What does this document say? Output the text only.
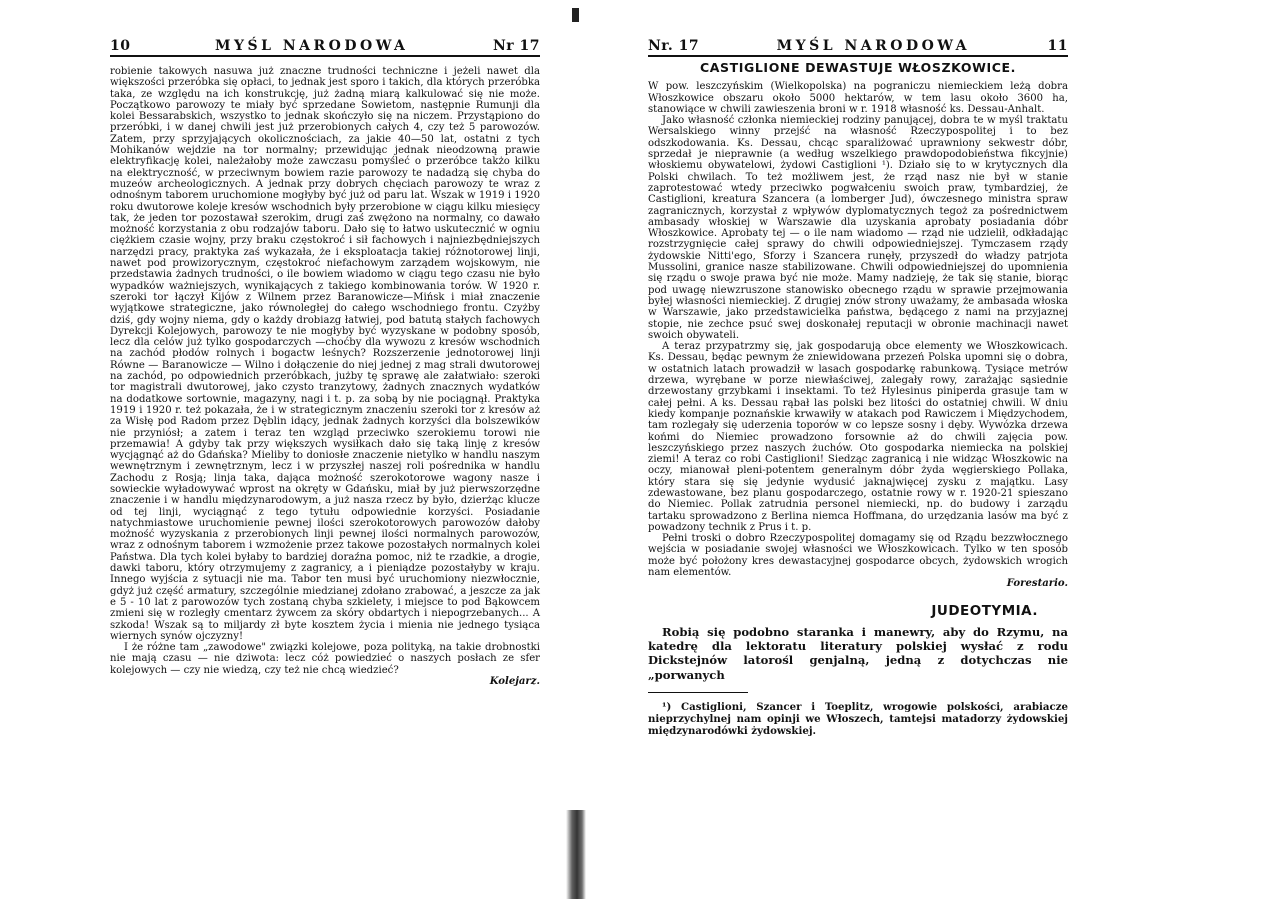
10	MYŚL NARODOWA	Nr 17

robienie takowych nasuwa już znaczne trudności techniczne i jeżeli nawet dla większości przeróbka się opłaci, to jednak jest sporo i takich, dla których przeróbka taka, ze względu na ich konstrukcję, już żadną miarą kalkulować się nie może. Początkowo parowozy te miały być sprzedane Sowietom, następnie Rumunji dla kolei Bessarabskich, wszystko to jednak skończyło się na niczem. Przystąpiono do przeróbki, i w danej chwili jest już przerobionych całych 4, czy też 5 parowozów. Zatem, przy sprzyjających okolicznościach, za jakie 40—50 lat, ostatni z tych Mohikanów wejdzie na tor normalny; przewidując jednak nieodzowną prawie elektryfikację kolei, należałoby może zawczasu pomyśleć o przeróbce takżo kilku na elektryczność, w przeciwnym bowiem razie parowozy te nadadzą się chyba do muzeów archeologicznych. A jednak przy dobrych chęciach parowozy te wraz z odnośnym taborem uruchomione mogłyby być już od paru lat. Wszak w 1919 i 1920 roku dwutorowe koleje kresów wschodnich były przerobione w ciągu kilku miesięcy tak, że jeden tor pozostawał szerokim, drugi zaś zwężono na normalny, co dawało możność korzystania z obu rodzajów taboru. Dało się to łatwo uskutecznić w ogniu ciężkiem czasie wojny, przy braku częstokroć i sił fachowych i najniezbędniejszych narzędzi pracy, praktyka zaś wykazała, że i eksploatacja takiej różnotorowej linji, nawet pod prowizorycznym, częstokroć niefachowym zarządem wojskowym, nie przedstawia żadnych trudności, o ile bowiem wiadomo w ciągu tego czasu nie było wypadków ważniejszych, wynikających z takiego kombinowania torów. W 1920 r. szeroki tor łączył Kijów z Wilnem przez Baranowicze—Mińsk i miał znaczenie wyjątkowe strategiczne, jako równoległej do całego wschodniego frontu. Czyżby dziś, gdy wojny niema, gdy o każdy drobiazg łatwiej, pod batutą stałych fachowych Dyrekcji Kolejowych, parowozy te nie mogłyby być wyzyskane w podobny sposób, lecz dla celów już tylko gospodarczych —choćby dla wywozu z kresów wschodnich na zachód płodów rolnych i bogactw leśnych? Rozszerzenie jednotorowej linji Równe — Baranowicze — Wilno i dołączenie do niej jednej z mag strali dwutorowej na zachód, po odpowiednich przeróbkach, jużby tę sprawę ale załatwiało: szeroki tor magistrali dwutorowej, jako czysto tranzytowy, żadnych znacznych wydatków na dodatkowe sortownie, magazyny, nagi i t. p. za sobą by nie pociągnął. Praktyka 1919 i 1920 r. też pokazała, że i w strategicznym znaczeniu szeroki tor z kresów aż za Wisłę pod Radom przez Dęblin idący, jednak żadnych korzyści dla bolszewików nie przyniósł; a zatem i teraz ten wzgląd przeciwko szerokiemu torowi nie przemawia! A gdyby tak przy większych wysiłkach dało się taką linję z kresów wycjągnąć aż do Gdańska? Mieliby to doniosłe znaczenie nietylko w handlu naszym wewnętrznym i zewnętrznym, lecz i w przyszłej naszej roli pośrednika w handlu Zachodu z Rosją; linja taka, dająca możność szerokotorowe wagony nasze i sowieckie wyładowywać wprost na okręty w Gdańsku, miał by już pierwszorzędne znaczenie i w handlu międzynarodowym, a już nasza rzecz by było, dzierżąc klucze od tej linji, wyciągnąć z tego tytułu odpowiednie korzyści. Posiadanie natychmiastowe uruchomienie pewnej ilości szerokotorowych parowozów dałoby możność wyzyskania z przerobionych linji pewnej ilości normalnych parowozów, wraz z odnośnym taborem i wzmożenie przez takowe pozostałych normalnych kolei Państwa. Dla tych kolei byłaby to bardziej doraźna pomoc, niż te rzadkie, a drogie, dawki taboru, który otrzymujemy z zagranicy, a i pieniądze pozostałyby w kraju. Innego wyjścia z sytuacji nie ma. Tabor ten musi być uruchomiony niezwłocznie, gdyż już część armatury, szczególnie miedzianej zdołano zrabować, a jeszcze za jak e 5 - 10 lat z parowozów tych zostaną chyba szkielety, i miejsce to pod Bąkowcem zmieni się w rozległy cmentarz żywcem za skóry obdartych i niepogrzebanych... A szkoda! Wszak są to miljardy zł byte kosztem życia i mienia nie jednego tysiąca wiernych synów ojczyzny!

I że różne tam „zawodowe" związki kolejowe, poza polityką, na takie drobnostki nie mają czasu — nie dziwota: lecz cóż powiedzieć o naszych posłach ze sfer kolejowych — czy nie wiedzą, czy też nie chcą wiedzieć?

Kolejarz.
Nr. 17	MYŚL NARODOWA	11
CASTIGLIONE DEWASTUJE WŁOSZKOWICE.

W pow. leszczyńskim (Wielkopolska) na pograniczu niemieckiem leżą dobra Włoszkowice obszaru około 5000 hektarów, w tem lasu około 3600 ha, stanowiące w chwili zawieszenia broni w r. 1918 własność ks. Dessau-Anhalt.

Jako własność członka niemieckiej rodziny panującej, dobra te w myśl traktatu Wersalskiego winny przejść na własność Rzeczypospolitej i to bez odszkodowania. Ks. Dessau, chcąc sparaliżować uprawniony sekwestr dóbr, sprzedał je nieprawnie (a według wszelkiego prawdopodobieństwa fikcyjnie) włoskiemu obywatelowi, żydowi Castiglioni ¹). Działo się to w krytycznych dla Polski chwilach. To też możliwem jest, że rząd nasz nie był w stanie zaprotestować wtedy przeciwko pogwałceniu swoich praw, tymbardziej, że Castiglioni, kreatura Szancera (a lomberger Jud), ówczesnego ministra spraw zagranicznych, korzystał z wpływów dyplomatycznych tegoż za pośrednictwem ambasady włoskiej w Warszawie dla uzyskania aprobaty posiadania dóbr Włoszkowice. Aprobaty tej — o ile nam wiadomo — rząd nie udzielił, odkładając rozstrzygnięcie całej sprawy do chwili odpowiedniejszej. Tymczasem rządy żydowskie Nitti'ego, Sforzy i Szancera runęły, przyszedł do władzy patrjota Mussolini, granice nasze stabilizowane. Chwili odpowiedniejszej do upomnienia się rządu o swoje prawa być nie może. Mamy nadzieję, że tak się stanie, biorąc pod uwagę niewzruszone stanowisko obecnego rządu w sprawie przejmowania byłej własności niemieckiej. Z drugiej znów strony uważamy, że ambasada włoska w Warszawie, jako przedstawicielka państwa, będącego z nami na przyjaznej stopie, nie zechce psuć swej doskonałej reputacji w obronie machinacji nawet swoich obywateli.

A teraz przypatrzmy się, jak gospodarują obce elementy we Włoszkowicach. Ks. Dessau, będąc pewnym że zniewidowana przezeń Polska upomni się o dobra, w ostatnich latach prowadził w lasach gospodarkę rabunkową. Tysiące metrów drzewa, wyrębane w porze niewłaściwej, zalegały rowy, zarażając sąsiednie drzewostany grzybkami i insektami. To też Hylesinus piniperda grasuje tam w całej pełni. A ks. Dessau rąbał las polski bez litości do ostatniej chwili. W dniu kiedy kompanje poznańskie krwawiły w atakach pod Rawiczem i Międzychodem, tam rozlegały się uderzenia toporów w co lepsze sosny i dęby. Wywózka drzewa końmi do Niemiec prowadzono forsownie aż do chwili zajęcia pow. leszczyńskiego przez naszych żuchów. Oto gospodarka niemiecka na polskiej ziemi! A teraz co robi Castiglioni! Siedząc zagranicą i nie widząc Włoszkowic na oczy, mianował pleni-potentem generalnym dóbr żyda węgierskiego Pollaka, który stara się się jedynie wydusić jaknajwięcej zysku z majątku. Lasy zdewastowane, bez planu gospodarczego, ostatnie rowy w r. 1920-21 spieszano do Niemiec. Pollak zatrudnia personel niemiecki, np. do budowy i zarządu tartaku sprowadzono z Berlina niemca Hoffmana, do urzędzania lasów ma być z powadzony technik z Prus i t. p.

Pełni troski o dobro Rzeczypospolitej domagamy się od Rządu bezzwłocznego wejścia w posiadanie swojej własności we Włoszkowicach. Tylko w ten sposób może być położony kres dewastacyjnej gospodarce obcych, żydowskich wrogich nam elementów.

Forestario.
JUDEOTYMIA.

Robią się podobno staranka i manewry, aby do Rzymu, na katedrę dla lektoratu literatury polskiej wysłać z rodu Dickstejnów latorośl genjalną, jedną z dotychczas nie „porwanych

¹) Castiglioni, Szancer i Toeplitz, wrogowie polskości, arabiacze nieprzychylnej nam opinji we Włoszech, tamtejsi matadorzy żydowskiej międzynarodówki żydowskiej.
